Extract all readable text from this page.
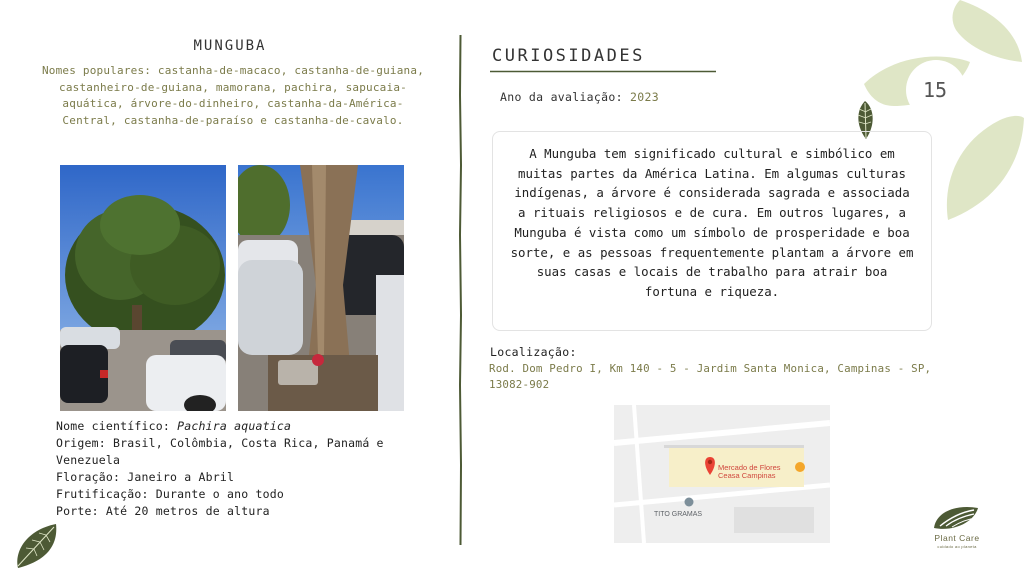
15
MUNGUBA
Nomes populares: castanha-de-macaco, castanha-de-guiana, castanheiro-de-guiana, mamorana, pachira, sapucaia-aquática, árvore-do-dinheiro, castanha-da-América-Central, castanha-de-paraíso e castanha-de-cavalo.
Nome científico: Pachira aquatica
Origem: Brasil, Colômbia, Costa Rica, Panamá e Venezuela
Floração: Janeiro a Abril
Frutificação: Durante o ano todo
Porte: Até 20 metros de altura
CURIOSIDADES
Ano da avaliação: 2023
A Munguba tem significado cultural e simbólico em muitas partes da América Latina. Em algumas culturas indígenas, a árvore é considerada sagrada e associada a rituais religiosos e de cura. Em outros lugares, a Munguba é vista como um símbolo de prosperidade e boa sorte, e as pessoas frequentemente plantam a árvore em suas casas e locais de trabalho para atrair boa fortuna e riqueza.
Localização:
Rod. Dom Pedro I, Km 140 - 5 - Jardim Santa Monica, Campinas - SP, 13082-902
Mercado de Flores
Ceasa Campinas
TITO GRAMAS
Plant Care
cuidado ao planeta
